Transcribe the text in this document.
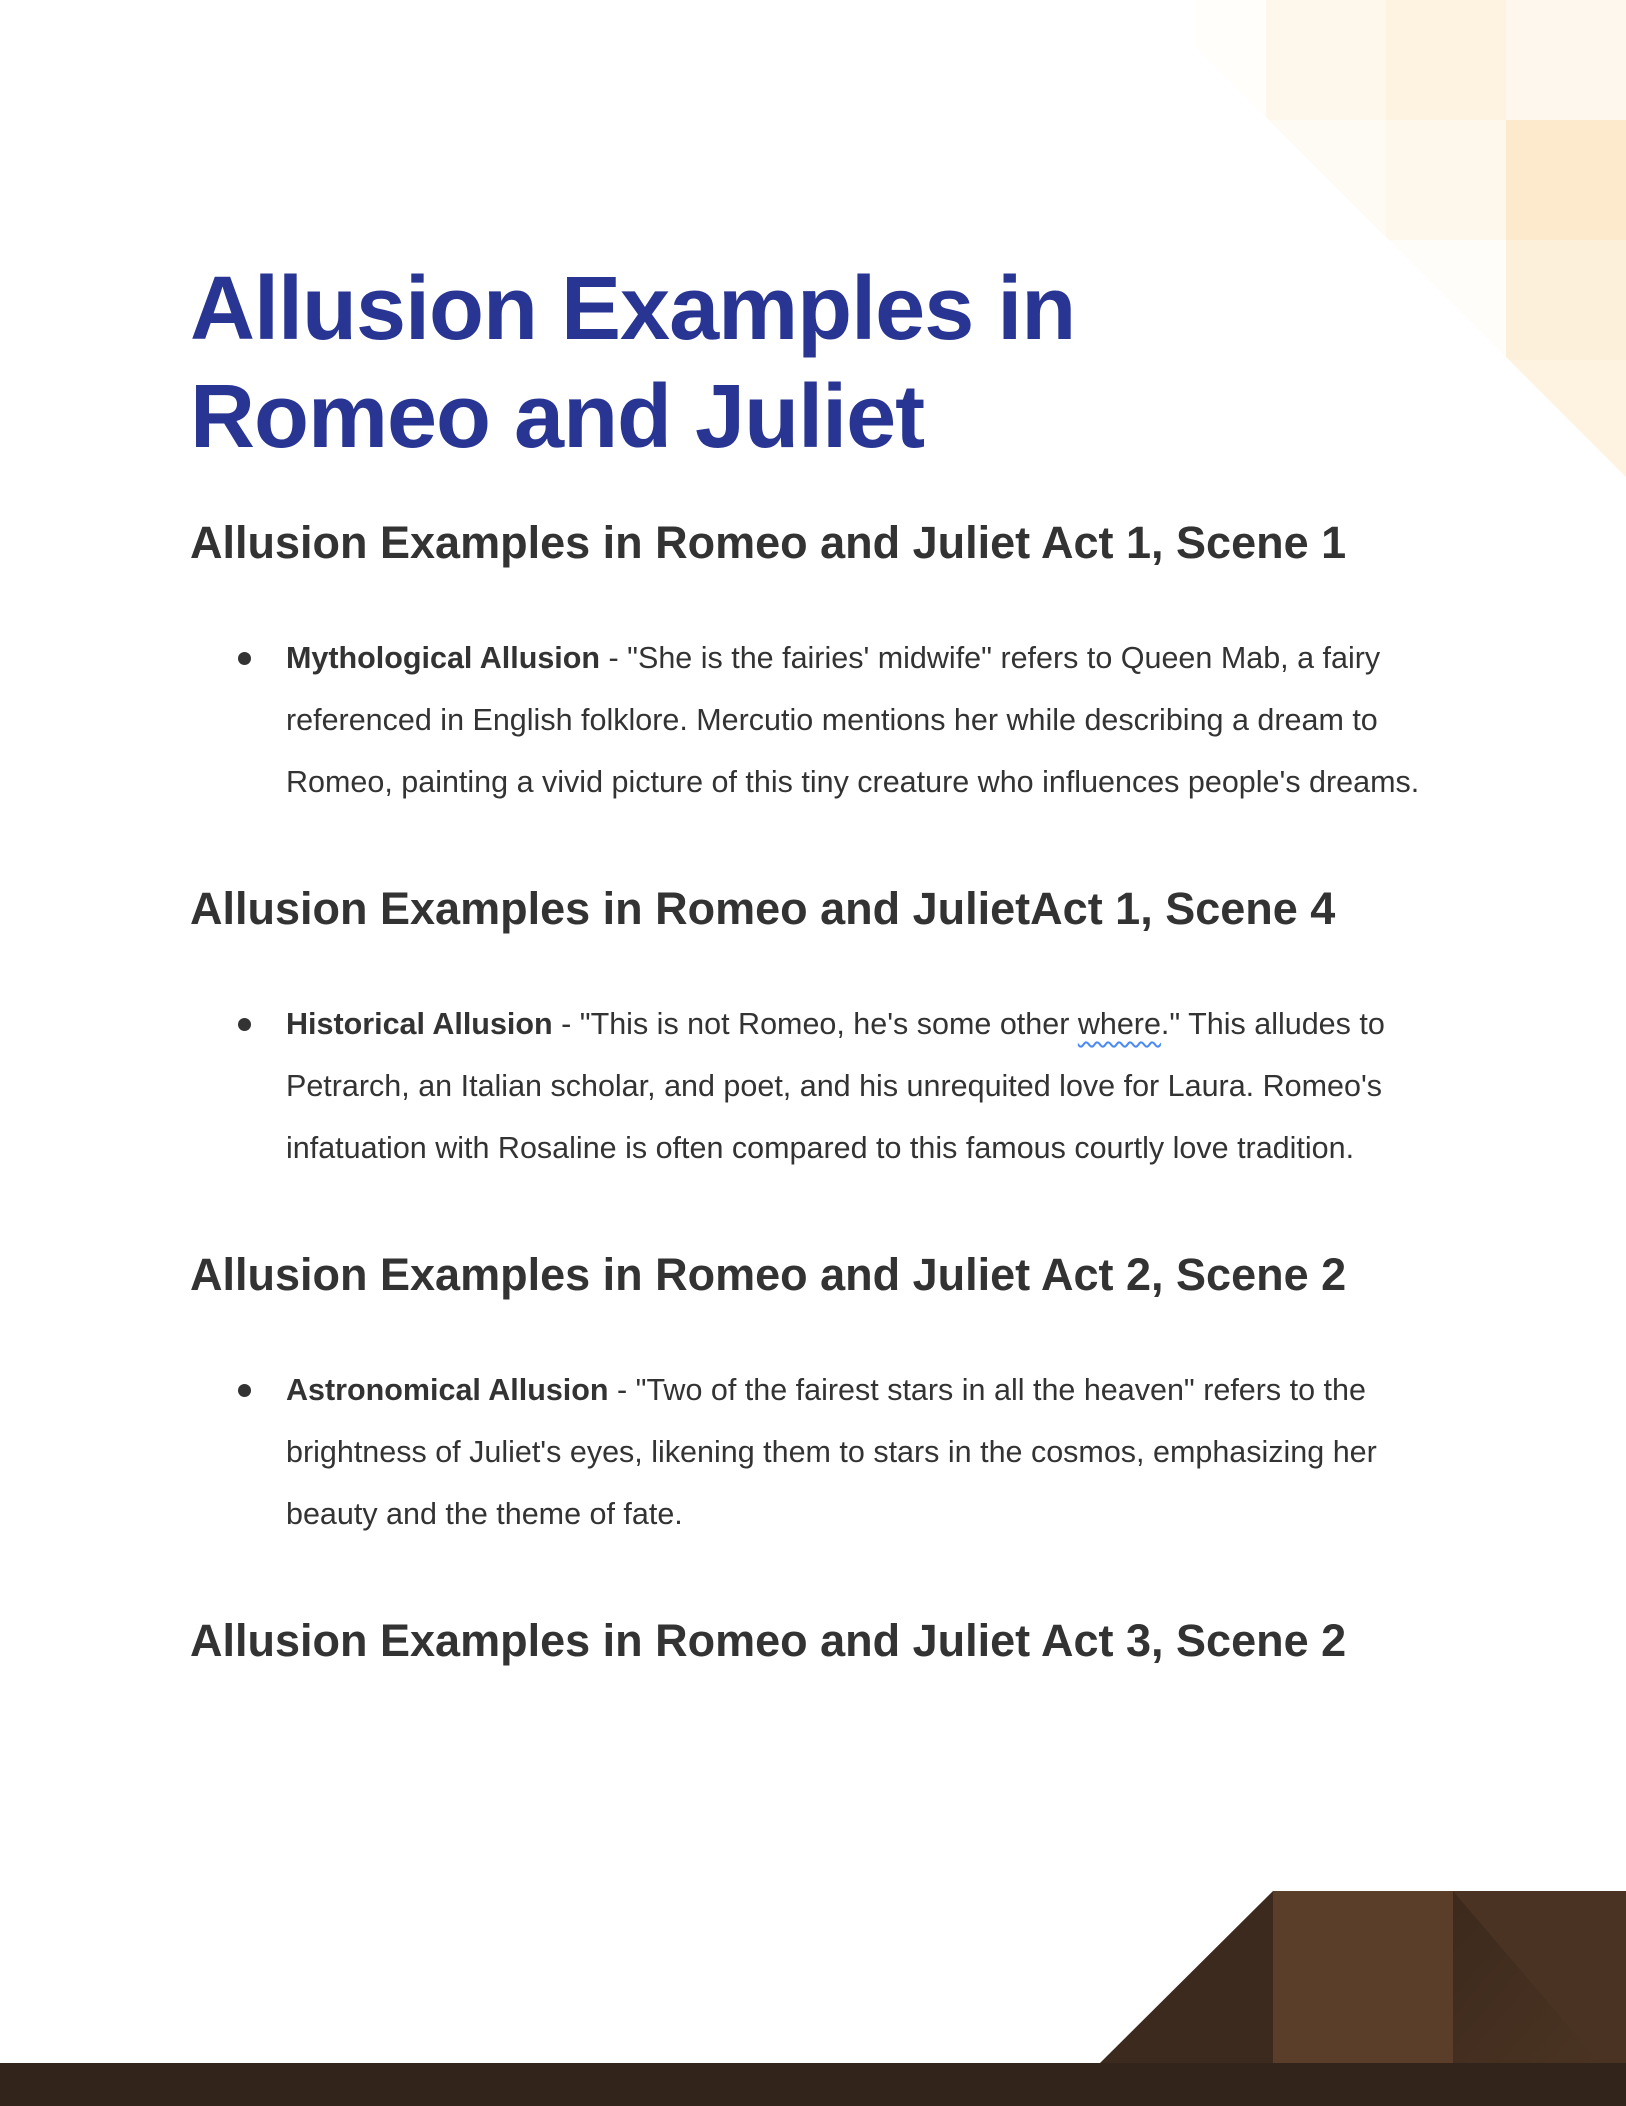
Allusion Examples in
Romeo and Juliet
Allusion Examples in Romeo and Juliet Act 1, Scene 1
Mythological Allusion - "She is the fairies' midwife" refers to Queen Mab, a fairy referenced in English folklore. Mercutio mentions her while describing a dream to Romeo, painting a vivid picture of this tiny creature who influences people's dreams.
Allusion Examples in Romeo and JulietAct 1, Scene 4
Historical Allusion - "This is not Romeo, he's some other where." This alludes to Petrarch, an Italian scholar, and poet, and his unrequited love for Laura. Romeo's infatuation with Rosaline is often compared to this famous courtly love tradition.
Allusion Examples in Romeo and Juliet Act 2, Scene 2
Astronomical Allusion - "Two of the fairest stars in all the heaven" refers to the brightness of Juliet's eyes, likening them to stars in the cosmos, emphasizing her beauty and the theme of fate.
Allusion Examples in Romeo and Juliet Act 3, Scene 2
